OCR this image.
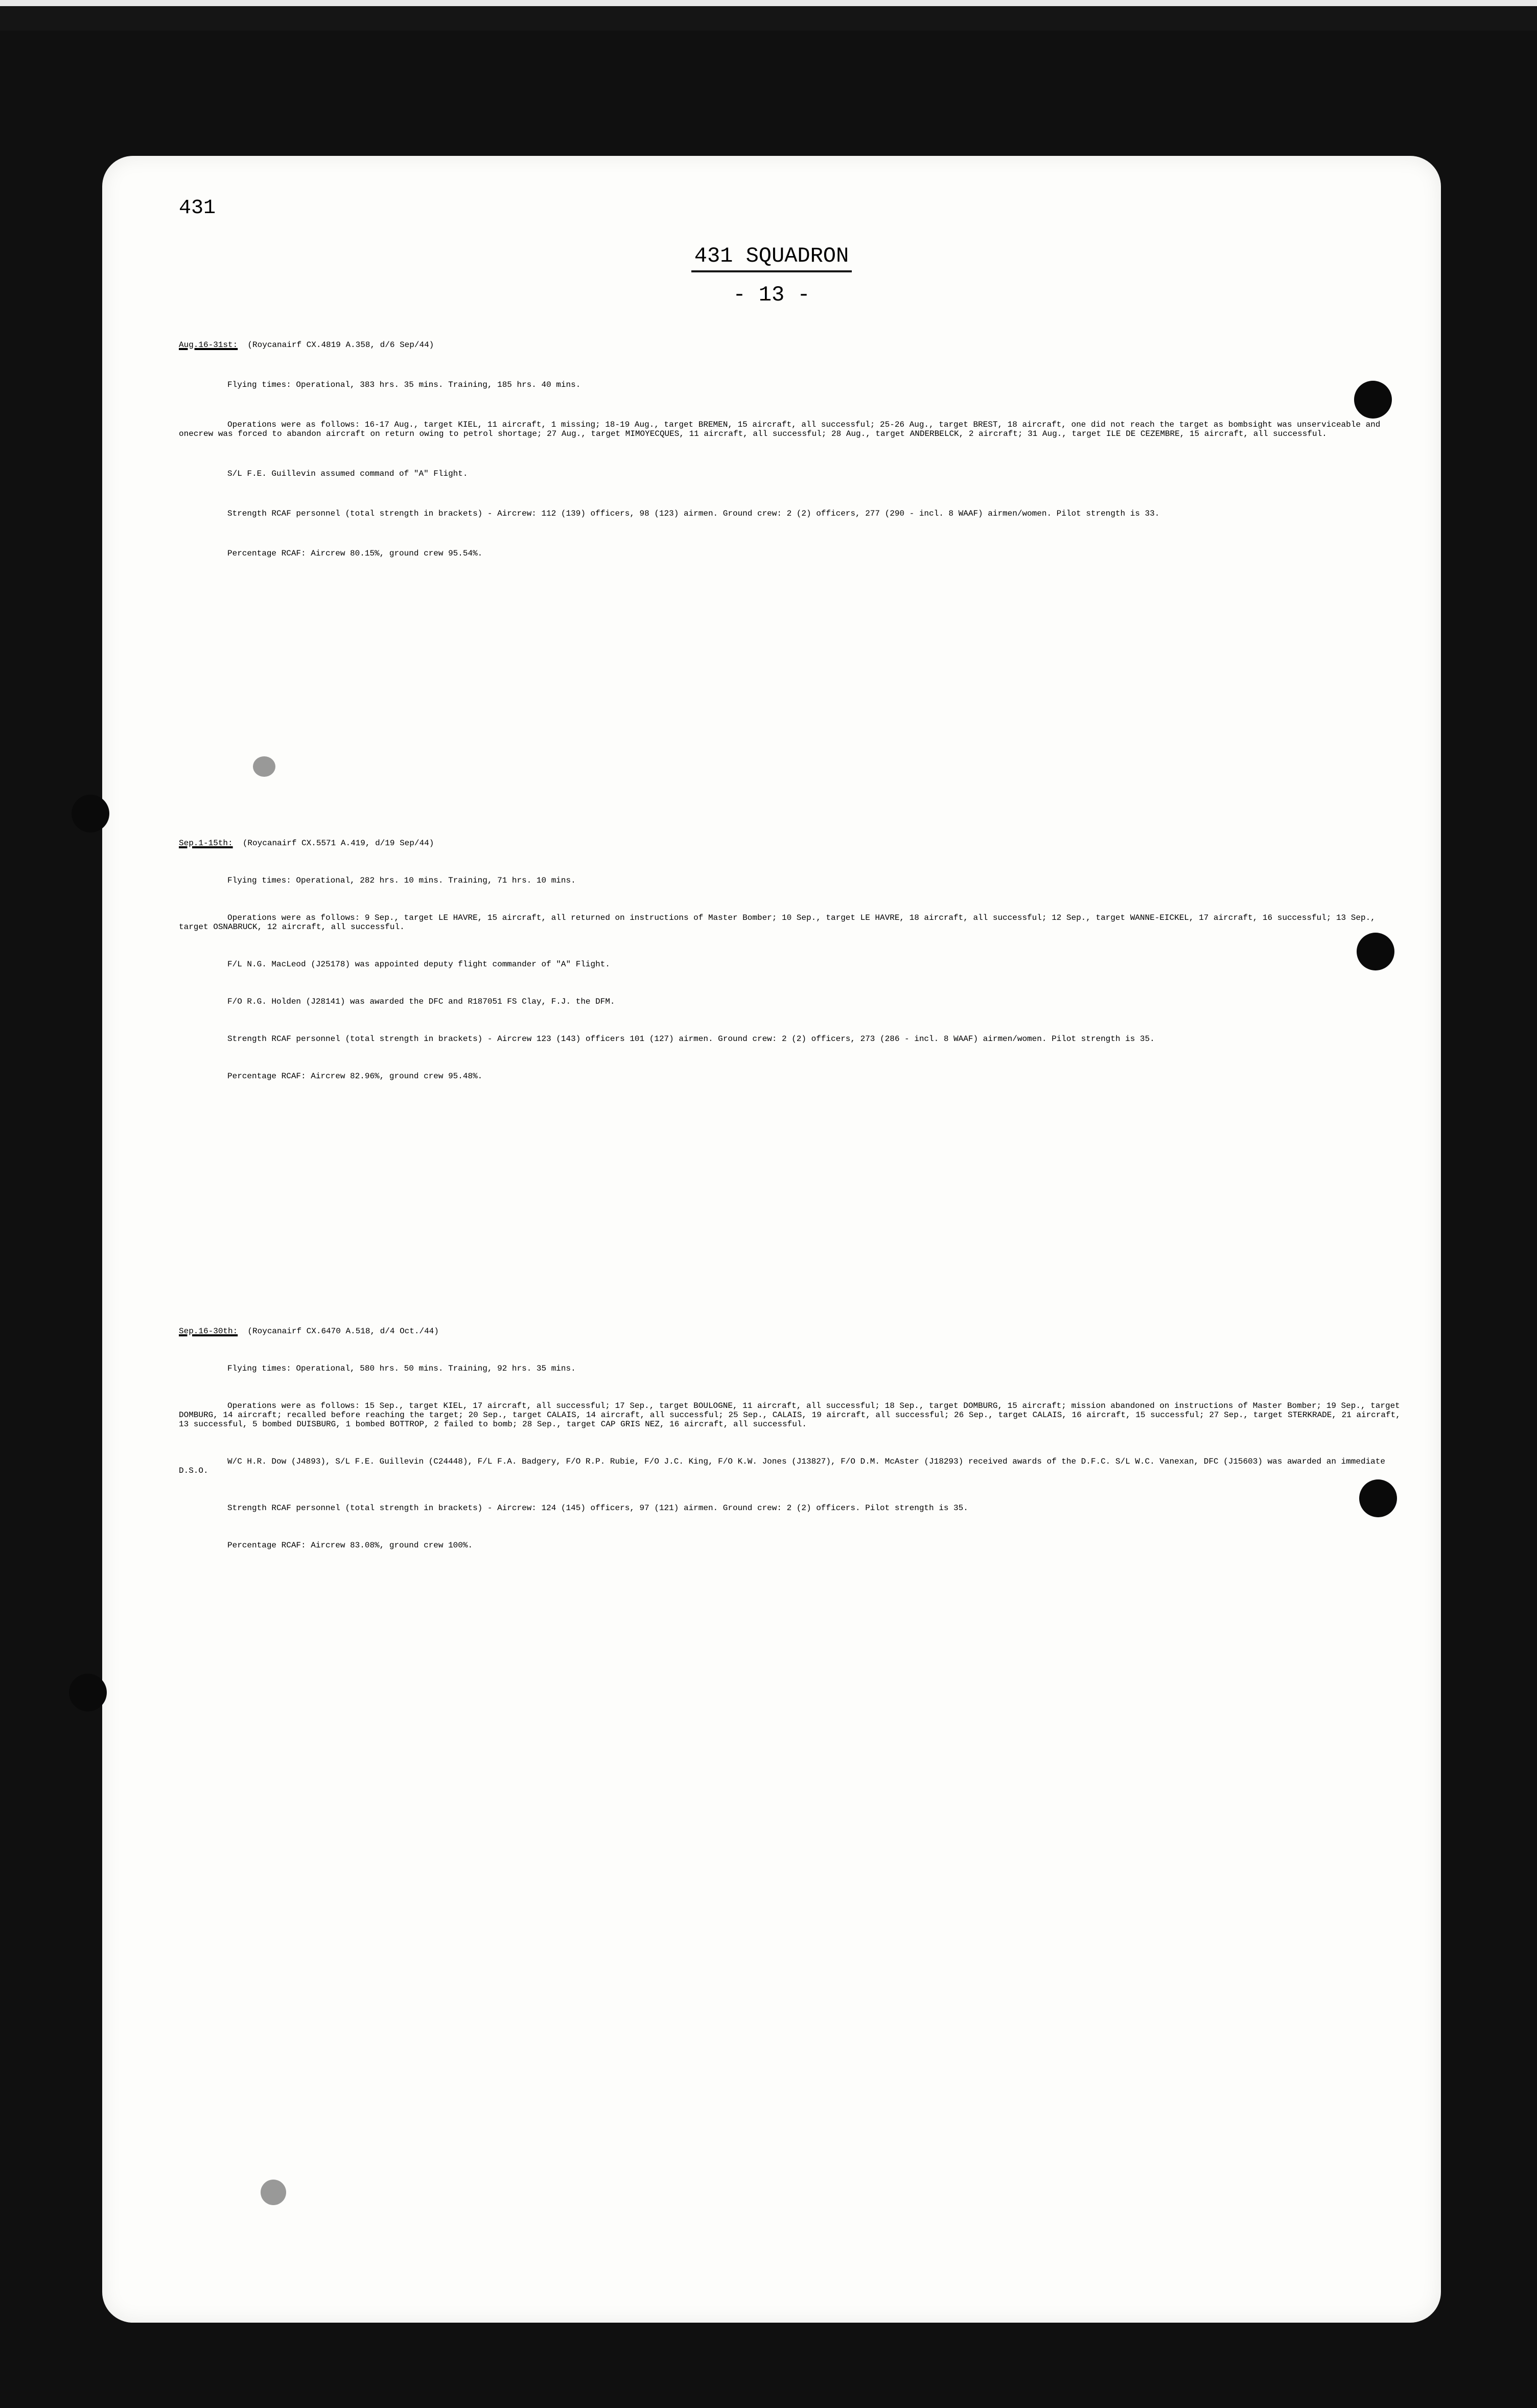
431
431 SQUADRON
- 13 -

Aug.16-31st: (Roycanairf CX.4819 A.358, d/6 Sep/44)

Flying times: Operational, 383 hrs. 35 mins. Training, 185 hrs. 40 mins.

Operations were as follows: 16-17 Aug., target KIEL, 11 aircraft, 1 missing; 18-19 Aug., target BREMEN, 15 aircraft, all successful; 25-26 Aug., target BREST, 18 aircraft, one did not reach the target as bombsight was unserviceable and onecrew was forced to abandon aircraft on return owing to petrol shortage; 27 Aug., target MIMOYECQUES, 11 aircraft, all successful; 28 Aug., target ANDERBELCK, 2 aircraft; 31 Aug., target ILE DE CEZEMBRE, 15 aircraft, all successful.

S/L F.E. Guillevin assumed command of "A" Flight.

Strength RCAF personnel (total strength in brackets) - Aircrew: 112 (139) officers, 98 (123) airmen. Ground crew: 2 (2) officers, 277 (290 - incl. 8 WAAF) airmen/women. Pilot strength is 33.

Percentage RCAF: Aircrew 80.15%, ground crew 95.54%.

Sep.1-15th: (Roycanairf CX.5571 A.419, d/19 Sep/44)

Flying times: Operational, 282 hrs. 10 mins. Training, 71 hrs. 10 mins.

Operations were as follows: 9 Sep., target LE HAVRE, 15 aircraft, all returned on instructions of Master Bomber; 10 Sep., target LE HAVRE, 18 aircraft, all successful; 12 Sep., target WANNE-EICKEL, 17 aircraft, 16 successful; 13 Sep., target OSNABRUCK, 12 aircraft, all successful.

F/L N.G. MacLeod (J25178) was appointed deputy flight commander of "A" Flight.

F/O R.G. Holden (J28141) was awarded the DFC and R187051 FS Clay, F.J. the DFM.

Strength RCAF personnel (total strength in brackets) - Aircrew 123 (143) officers 101 (127) airmen. Ground crew: 2 (2) officers, 273 (286 - incl. 8 WAAF) airmen/women. Pilot strength is 35.

Percentage RCAF: Aircrew 82.96%, ground crew 95.48%.

Sep.16-30th: (Roycanairf CX.6470 A.518, d/4 Oct./44)

Flying times: Operational, 580 hrs. 50 mins. Training, 92 hrs. 35 mins.

Operations were as follows: 15 Sep., target KIEL, 17 aircraft, all successful; 17 Sep., target BOULOGNE, 11 aircraft, all successful; 18 Sep., target DOMBURG, 15 aircraft; mission abandoned on instructions of Master Bomber; 19 Sep., target DOMBURG, 14 aircraft; recalled before reaching the target; 20 Sep., target CALAIS, 14 aircraft, all successful; 25 Sep., CALAIS, 19 aircraft, all successful; 26 Sep., target CALAIS, 16 aircraft, 15 successful; 27 Sep., target STERKRADE, 21 aircraft, 13 successful, 5 bombed DUISBURG, 1 bombed BOTTROP, 2 failed to bomb; 28 Sep., target CAP GRIS NEZ, 16 aircraft, all successful.

W/C H.R. Dow (J4893), S/L F.E. Guillevin (C24448), F/L F.A. Badgery, F/O R.P. Rubie, F/O J.C. King, F/O K.W. Jones (J13827), F/O D.M. McAster (J18293) received awards of the D.F.C. S/L W.C. Vanexan, DFC (J15603) was awarded an immediate D.S.O.

Strength RCAF personnel (total strength in brackets) - Aircrew: 124 (145) officers, 97 (121) airmen. Ground crew: 2 (2) officers. Pilot strength is 35.

Percentage RCAF: Aircrew 83.08%, ground crew 100%.
